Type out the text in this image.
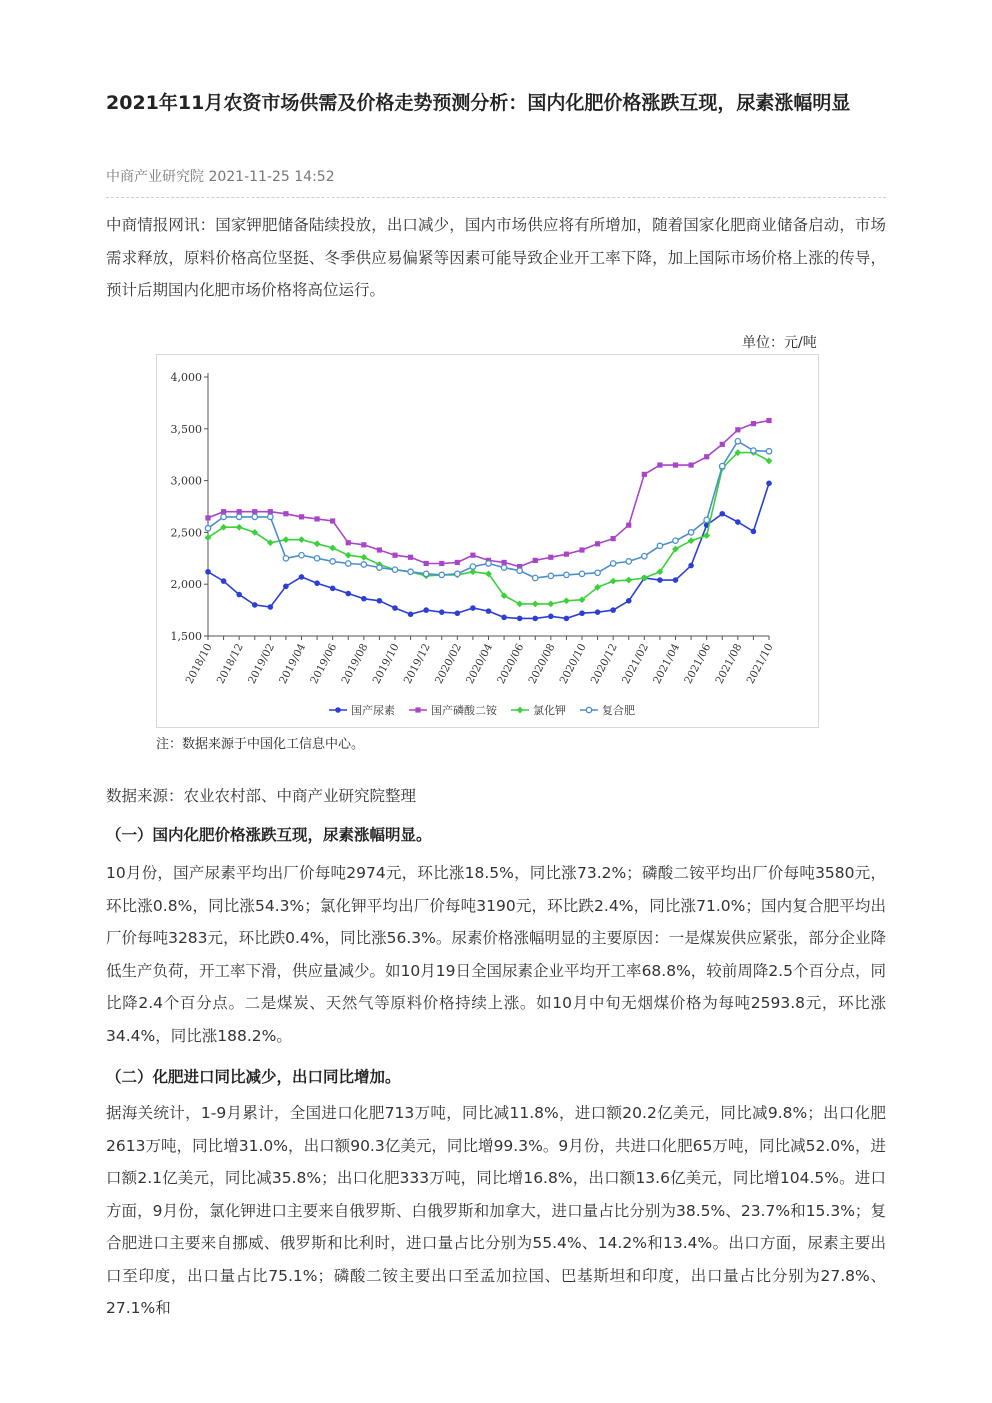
2021年11月农资市场供需及价格走势预测分析：国内化肥价格涨跌互现，尿素涨幅明显
中商产业研究院 2021-11-25 14:52

中商情报网讯：国家钾肥储备陆续投放，出口减少，国内市场供应将有所增加，随着国家化肥商业储备启动，市场需求释放，原料价格高位坚挺、冬季供应易偏紧等因素可能导致企业开工率下降，加上国际市场价格上涨的传导，预计后期国内化肥市场价格将高位运行。

单位：元/吨
1,500
2,000
2,500
3,000
3,500
4,000
2018/10 2018/12 2019/02 2019/04 2019/06 2019/08 2019/10 2019/12 2020/02 2020/04 2020/06 2020/08 2020/10 2020/12 2021/02 2021/04 2021/06 2021/08 2021/10
国产尿素	国产磷酸二铵	氯化钾	复合肥
注：数据来源于中国化工信息中心。
数据来源：农业农村部、中商产业研究院整理
（一）国内化肥价格涨跌互现，尿素涨幅明显。

10月份，国产尿素平均出厂价每吨2974元，环比涨18.5%，同比涨73.2%；磷酸二铵平均出厂价每吨3580元，环比涨0.8%，同比涨54.3%；氯化钾平均出厂价每吨3190元，环比跌2.4%，同比涨71.0%；国内复合肥平均出厂价每吨3283元，环比跌0.4%，同比涨56.3%。尿素价格涨幅明显的主要原因：一是煤炭供应紧张，部分企业降低生产负荷，开工率下滑，供应量减少。如10月19日全国尿素企业平均开工率68.8%，较前周降2.5个百分点，同比降2.4个百分点。二是煤炭、天然气等原料价格持续上涨。如10月中旬无烟煤价格为每吨2593.8元，环比涨34.4%，同比涨188.2%。

（二）化肥进口同比减少，出口同比增加。

据海关统计，1-9月累计，全国进口化肥713万吨，同比减11.8%，进口额20.2亿美元，同比减9.8%；出口化肥2613万吨，同比增31.0%，出口额90.3亿美元，同比增99.3%。9月份，共进口化肥65万吨，同比减52.0%，进口额2.1亿美元，同比减35.8%；出口化肥333万吨，同比增16.8%，出口额13.6亿美元，同比增104.5%。进口方面，9月份，氯化钾进口主要来自俄罗斯、白俄罗斯和加拿大，进口量占比分别为38.5%、23.7%和15.3%；复合肥进口主要来自挪威、俄罗斯和比利时，进口量占比分别为55.4%、14.2%和13.4%。出口方面，尿素主要出口至印度，出口量占比75.1%；磷酸二铵主要出口至孟加拉国、巴基斯坦和印度，出口量占比分别为27.8%、27.1%和
